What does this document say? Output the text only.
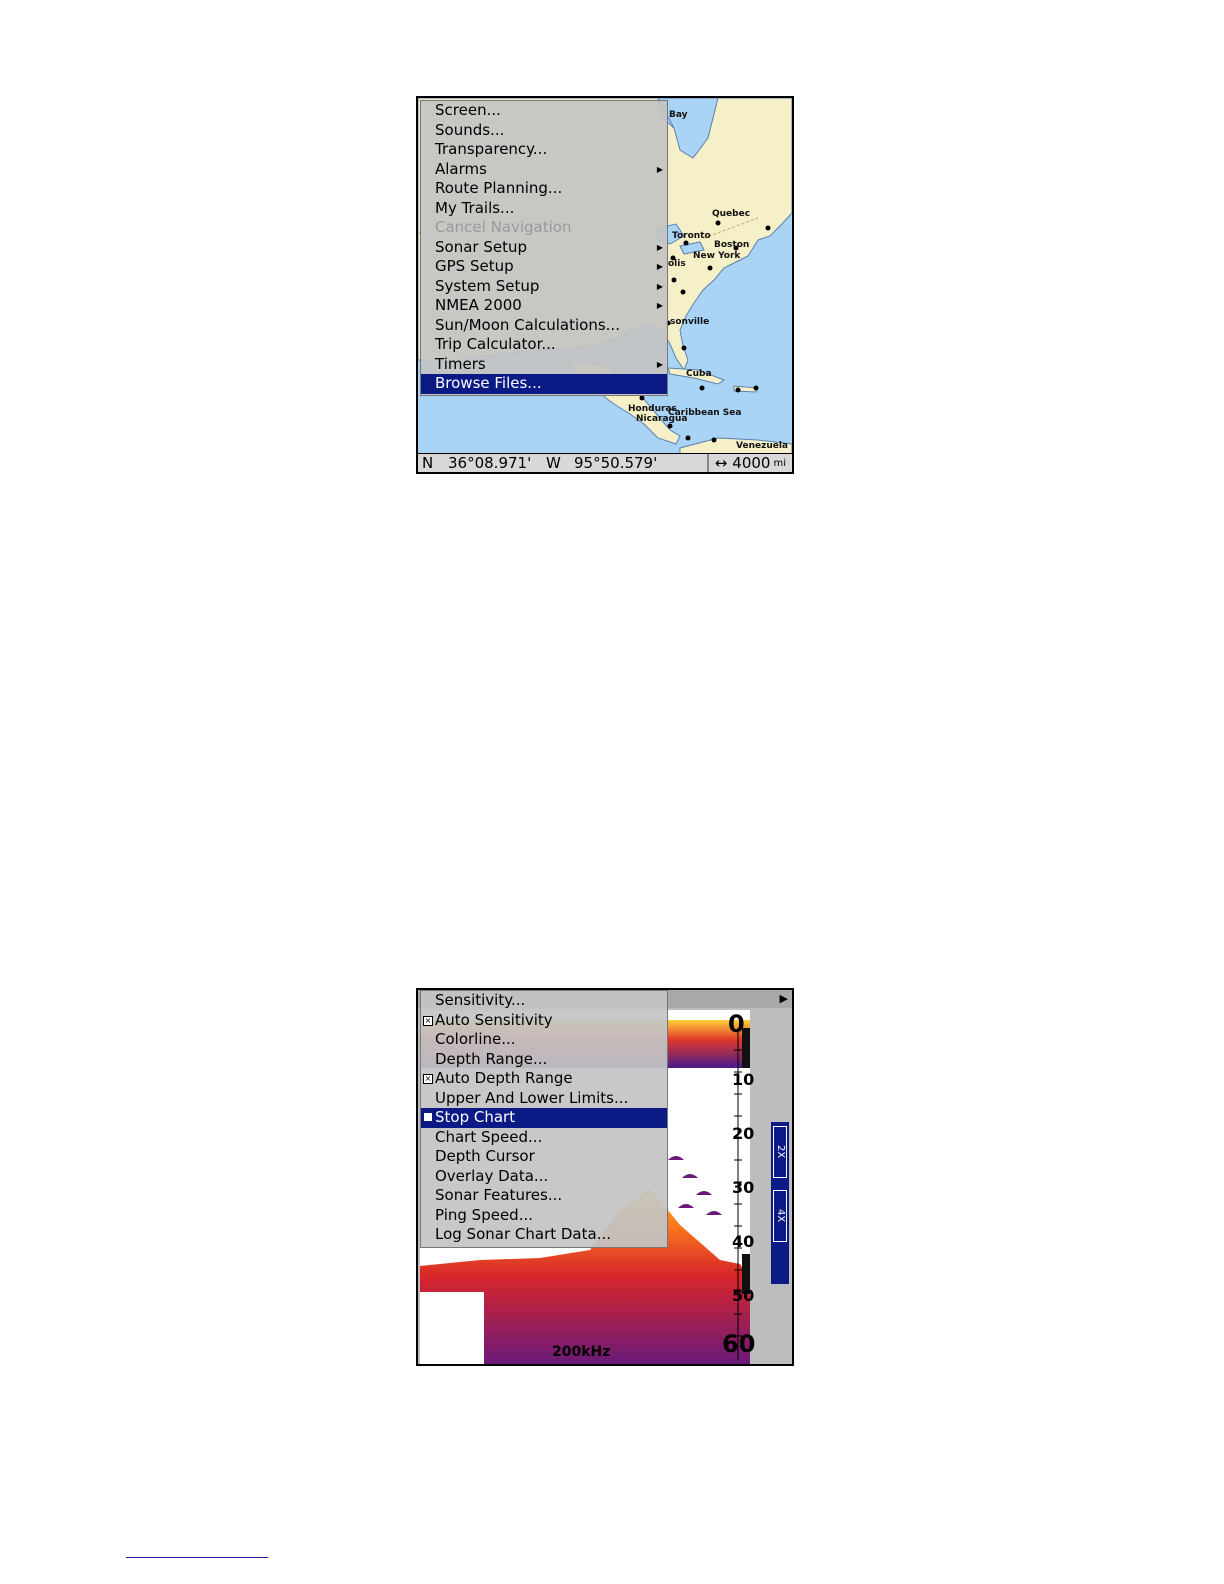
Bay
Quebec
Toronto
Boston
New York
olis
sonville
Cuba
Honduras
Nicaragua
Caribbean Sea
Venezuela
Screen...
Sounds...
Transparency...
Alarms	▶
Route Planning...
My Trails...
Cancel Navigation
Sonar Setup	▶
GPS Setup	▶
System Setup	▶
NMEA 2000	▶
Sun/Moon Calculations...
Trip Calculator...
Timers	▶
Browse Files...
N 36°08.971' W 95°50.579'	↔ 4000 mi
▶
0
10
20
30
40
50
60
2X
4X
200kHz
Sensitivity...
× Auto Sensitivity
Colorline...
Depth Range...
× Auto Depth Range
Upper And Lower Limits...
Stop Chart
Chart Speed...
Depth Cursor
Overlay Data...
Sonar Features...
Ping Speed...
Log Sonar Chart Data...
